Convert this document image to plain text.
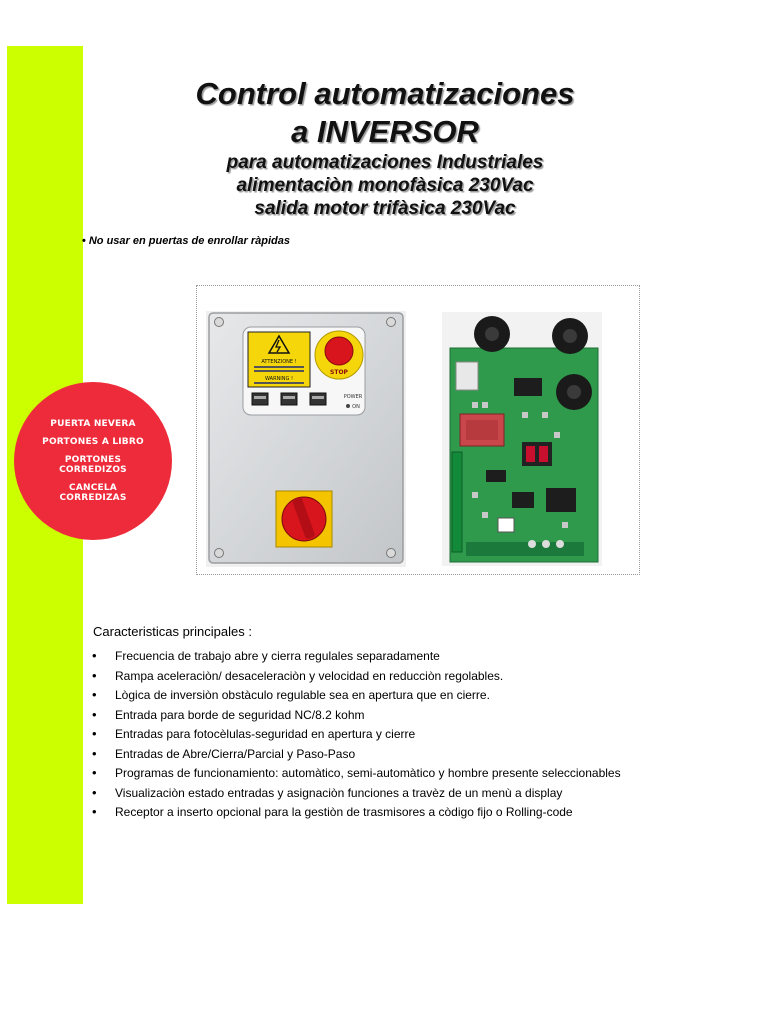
Control automatizaciones
a INVERSOR
para automatizaciones Industriales
alimentaciòn monofàsica 230Vac
salida motor trifàsica 230Vac
• No usar en puertas de enrollar ràpidas
ATTENZIONE !
WARNING !
STOP
POWER
ON
PUERTA NEVERA
PORTONES A LIBRO
PORTONES CORREDIZOS
CANCELA CORREDIZAS
Caracteristicas principales :
• Frecuencia de trabajo abre y cierra regulales separadamente
• Rampa aceleraciòn/ desaceleraciòn y velocidad en reducciòn regolables.
• Lògica de inversiòn obstàculo regulable sea en apertura que en cierre.
• Entrada para borde de seguridad NC/8.2 kohm
• Entradas para fotocèlulas-seguridad en apertura y cierre
• Entradas de Abre/Cierra/Parcial y Paso-Paso
• Programas de funcionamiento: automàtico, semi-automàtico y hombre presente seleccionables
• Visualizaciòn estado entradas y asignaciòn funciones a travèz de un menù a display
• Receptor a inserto opcional para la gestiòn de trasmisores a còdigo fijo o Rolling-code
